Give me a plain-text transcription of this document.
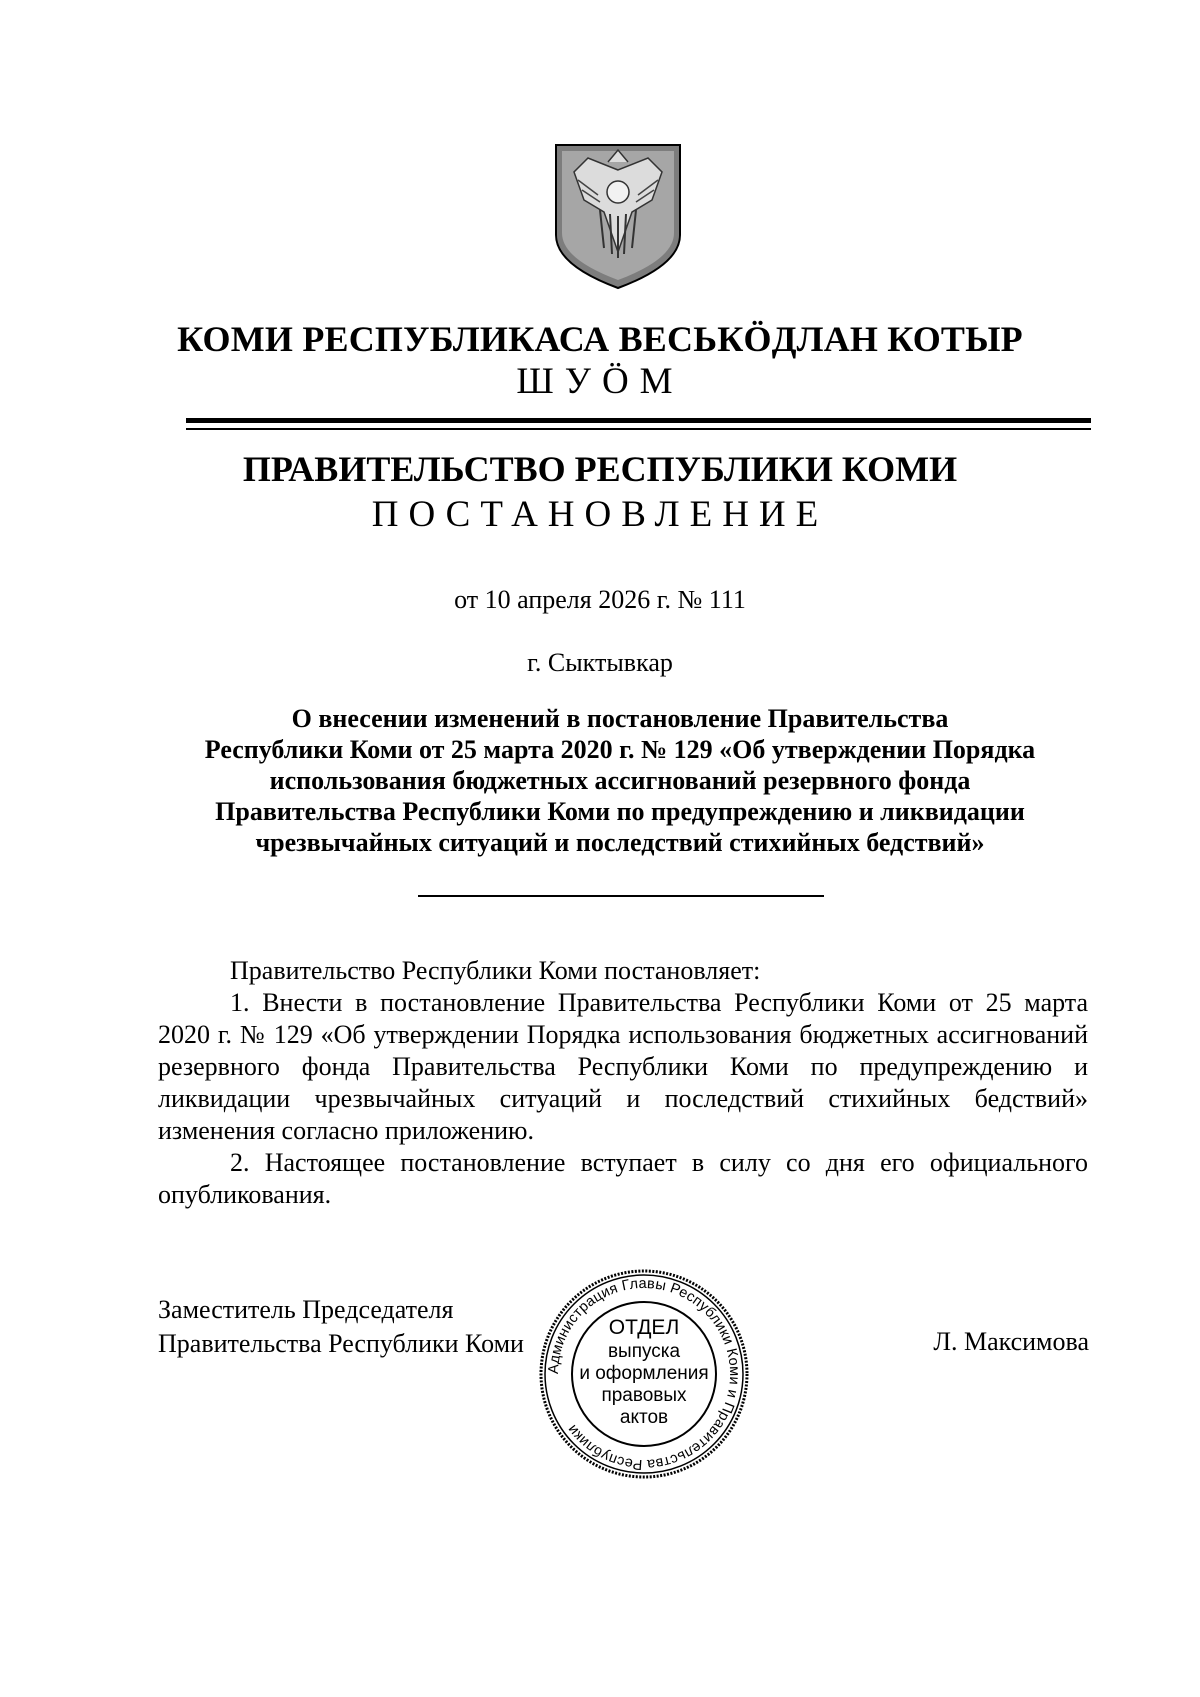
КОМИ РЕСПУБЛИКАСА ВЕСЬКӦДЛАН КОТЫР
ШУӦМ
ПРАВИТЕЛЬСТВО РЕСПУБЛИКИ КОМИ
ПОСТАНОВЛЕНИЕ
от 10 апреля 2026 г. № 111
г. Сыктывкар
О внесении изменений в постановление Правительства
Республики Коми от 25 марта 2020 г. № 129 «Об утверждении Порядка
использования бюджетных ассигнований резервного фонда
Правительства Республики Коми по предупреждению и ликвидации
чрезвычайных ситуаций и последствий стихийных бедствий»

Правительство Республики Коми постановляет:

1. Внести в постановление Правительства Республики Коми от 25 марта 2020 г. № 129 «Об утверждении Порядка использования бюджетных ассигнований резервного фонда Правительства Республики Коми по предупреждению и ликвидации чрезвычайных ситуаций и последствий стихийных бедствий» изменения согласно приложению.

2. Настоящее постановление вступает в силу со дня его официального опубликования.

Заместитель Председателя
Правительства Республики Коми	Л. Максимова
Администрация Главы Республики Коми и Правительства Республики
ОТДЕЛ
выпуска
и оформления
правовых
актов
